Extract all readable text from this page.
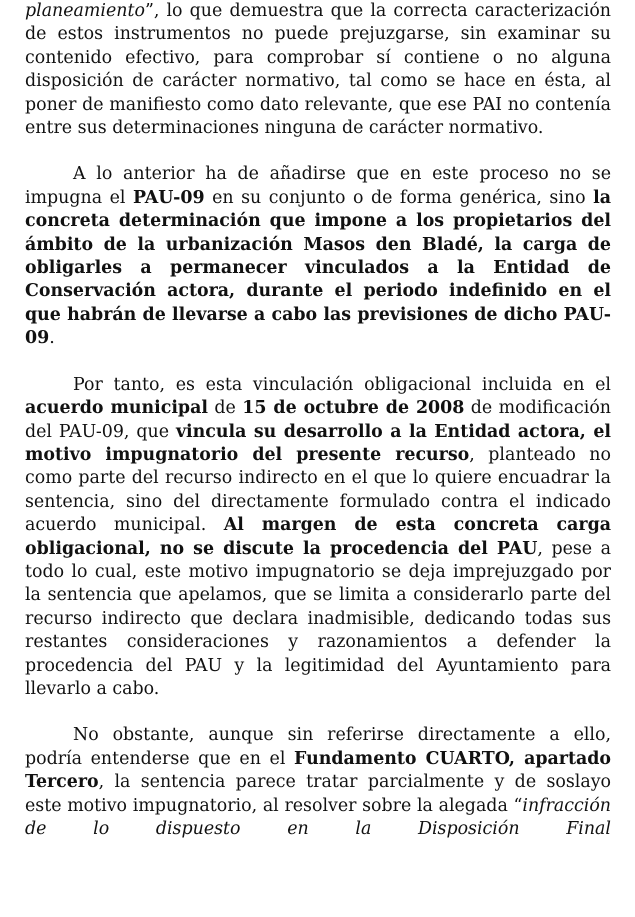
planeamiento”, lo que demuestra que la correcta caracterización de estos instrumentos no puede prejuzgarse, sin examinar su contenido efectivo, para comprobar sí contiene o no alguna disposición de carácter normativo, tal como se hace en ésta, al poner de manifiesto como dato relevante, que ese PAI no contenía entre sus determinaciones ninguna de carácter normativo.

A lo anterior ha de añadirse que en este proceso no se impugna el PAU-09 en su conjunto o de forma genérica, sino la concreta determinación que impone a los propietarios del ámbito de la urbanización Masos den Bladé, la carga de obligarles a permanecer vinculados a la Entidad de Conservación actora, durante el periodo indefinido en el que habrán de llevarse a cabo las previsiones de dicho PAU-09.

Por tanto, es esta vinculación obligacional incluida en el acuerdo municipal de 15 de octubre de 2008 de modificación del PAU-09, que vincula su desarrollo a la Entidad actora, el motivo impugnatorio del presente recurso, planteado no como parte del recurso indirecto en el que lo quiere encuadrar la sentencia, sino del directamente formulado contra el indicado acuerdo municipal. Al margen de esta concreta carga obligacional, no se discute la procedencia del PAU, pese a todo lo cual, este motivo impugnatorio se deja imprejuzgado por la sentencia que apelamos, que se limita a considerarlo parte del recurso indirecto que declara inadmisible, dedicando todas sus restantes consideraciones y razonamientos a defender la procedencia del PAU y la legitimidad del Ayuntamiento para llevarlo a cabo.

No obstante, aunque sin referirse directamente a ello, podría entenderse que en el Fundamento CUARTO, apartado Tercero, la sentencia parece tratar parcialmente y de soslayo este motivo impugnatorio, al resolver sobre la alegada “infracción de lo dispuesto en la Disposición Final
